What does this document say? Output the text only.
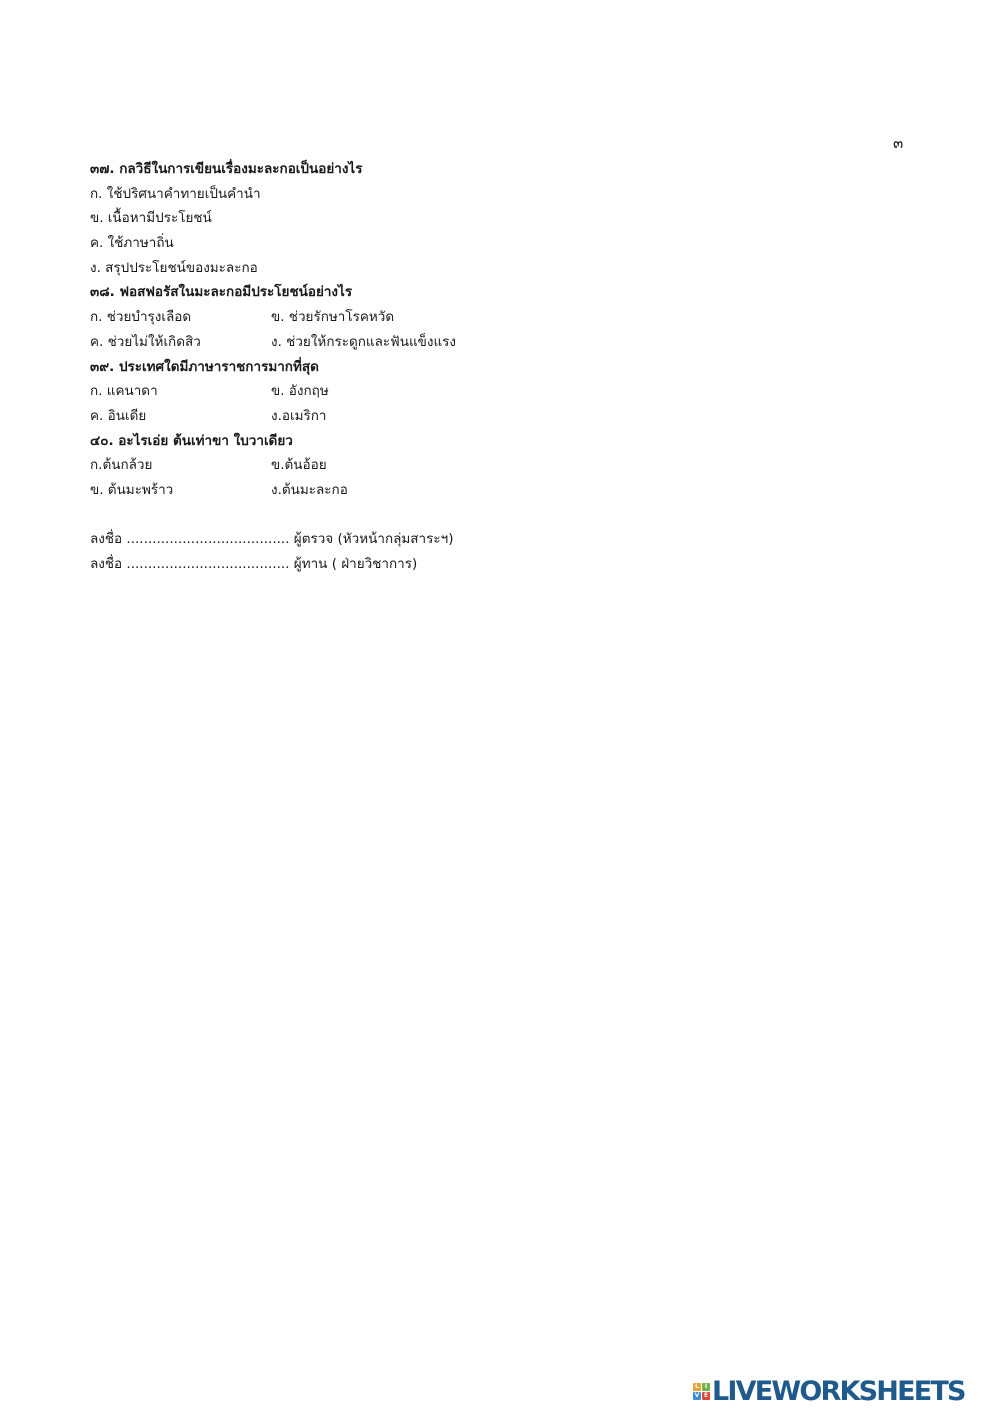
๓
๓๗. กลวิธีในการเขียนเรื่องมะละกอเป็นอย่างไร
ก. ใช้ปริศนาคำทายเป็นคำนำ
ข. เนื้อหามีประโยชน์
ค. ใช้ภาษาถิ่น
ง. สรุปประโยชน์ของมะละกอ
๓๘. ฟอสฟอรัสในมะละกอมีประโยชน์อย่างไร
ก. ช่วยบำรุงเลือด	ข. ช่วยรักษาโรคหวัด
ค. ช่วยไม่ให้เกิดสิว	ง. ช่วยให้กระดูกและฟันแข็งแรง
๓๙. ประเทศใดมีภาษาราชการมากที่สุด
ก. แคนาดา	ข. อังกฤษ
ค. อินเดีย	ง.อเมริกา
๔๐. อะไรเอ่ย ต้นเท่าขา ใบวาเดียว
ก.ต้นกล้วย	ข.ต้นอ้อย
ข. ต้นมะพร้าว	ง.ต้นมะละกอ
ลงชื่อ ...................................... ผู้ตรวจ (หัวหน้ากลุ่มสาระฯ)
ลงชื่อ ...................................... ผู้ทาน ( ฝ่ายวิชาการ)
L I
V E LIVEWORKSHEETS
